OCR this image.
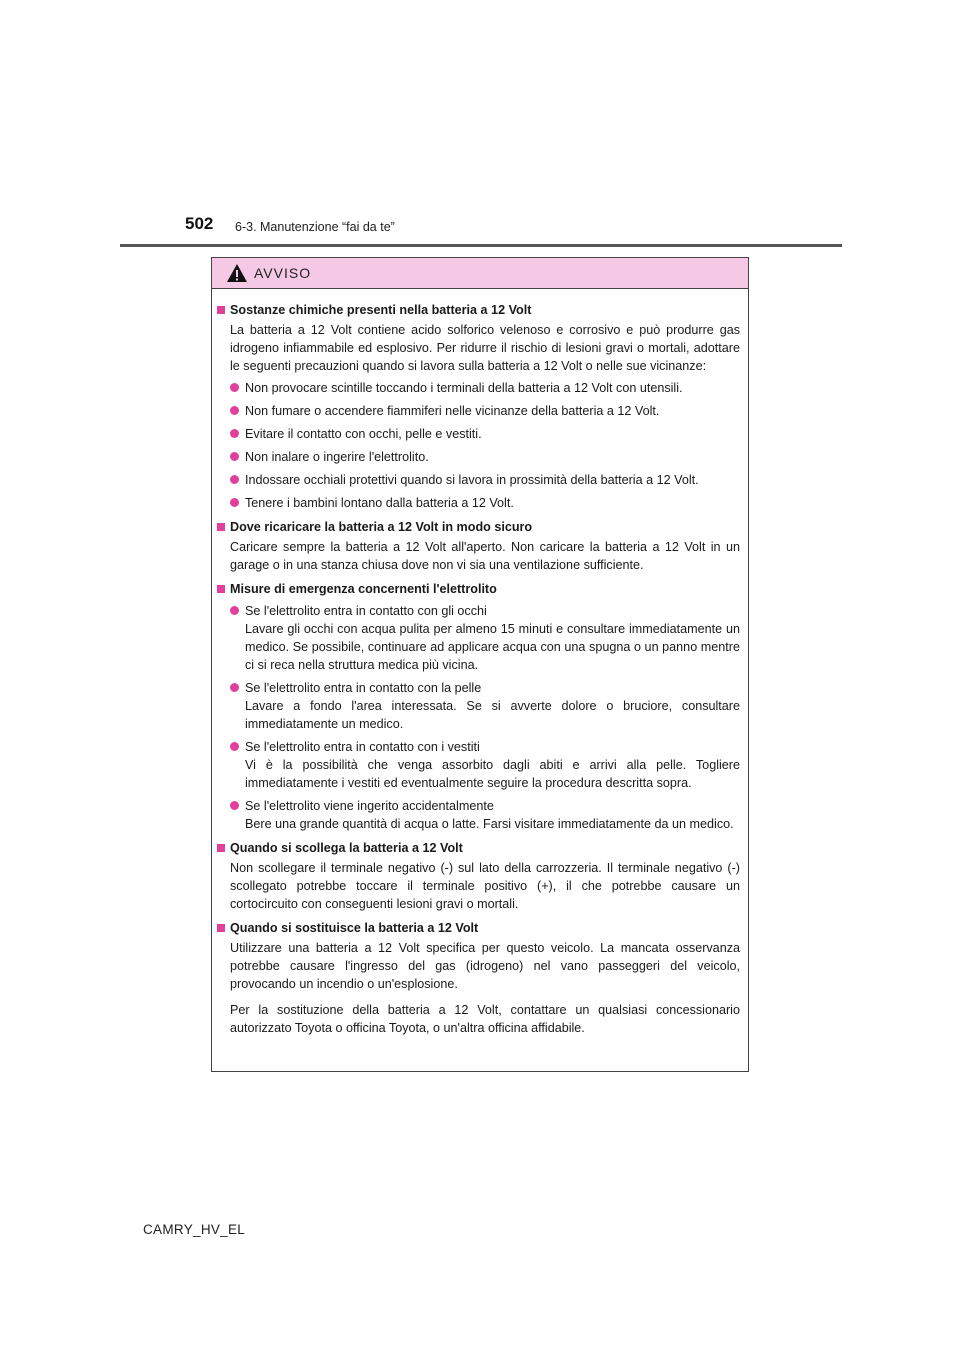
502 6-3. Manutenzione “fai da te”
AVVISO
Sostanze chimiche presenti nella batteria a 12 Volt
La batteria a 12 Volt contiene acido solforico velenoso e corrosivo e può produrre gas idrogeno infiammabile ed esplosivo. Per ridurre il rischio di lesioni gravi o mortali, adottare le seguenti precauzioni quando si lavora sulla batteria a 12 Volt o nelle sue vicinanze:
Non provocare scintille toccando i terminali della batteria a 12 Volt con utensili.
Non fumare o accendere fiammiferi nelle vicinanze della batteria a 12 Volt.
Evitare il contatto con occhi, pelle e vestiti.
Non inalare o ingerire l'elettrolito.
Indossare occhiali protettivi quando si lavora in prossimità della batteria a 12 Volt.
Tenere i bambini lontano dalla batteria a 12 Volt.
Dove ricaricare la batteria a 12 Volt in modo sicuro
Caricare sempre la batteria a 12 Volt all'aperto. Non caricare la batteria a 12 Volt in un garage o in una stanza chiusa dove non vi sia una ventilazione sufficiente.
Misure di emergenza concernenti l'elettrolito
Se l'elettrolito entra in contatto con gli occhi
Lavare gli occhi con acqua pulita per almeno 15 minuti e consultare immediatamente un medico. Se possibile, continuare ad applicare acqua con una spugna o un panno mentre ci si reca nella struttura medica più vicina.
Se l'elettrolito entra in contatto con la pelle
Lavare a fondo l'area interessata. Se si avverte dolore o bruciore, consultare immediatamente un medico.
Se l'elettrolito entra in contatto con i vestiti
Vi è la possibilità che venga assorbito dagli abiti e arrivi alla pelle. Togliere immediatamente i vestiti ed eventualmente seguire la procedura descritta sopra.
Se l'elettrolito viene ingerito accidentalmente
Bere una grande quantità di acqua o latte. Farsi visitare immediatamente da un medico.
Quando si scollega la batteria a 12 Volt
Non scollegare il terminale negativo (-) sul lato della carrozzeria. Il terminale negativo (-) scollegato potrebbe toccare il terminale positivo (+), il che potrebbe causare un cortocircuito con conseguenti lesioni gravi o mortali.
Quando si sostituisce la batteria a 12 Volt
Utilizzare una batteria a 12 Volt specifica per questo veicolo. La mancata osservanza potrebbe causare l'ingresso del gas (idrogeno) nel vano passeggeri del veicolo, provocando un incendio o un'esplosione.
Per la sostituzione della batteria a 12 Volt, contattare un qualsiasi concessionario autorizzato Toyota o officina Toyota, o un'altra officina affidabile.
CAMRY_HV_EL
